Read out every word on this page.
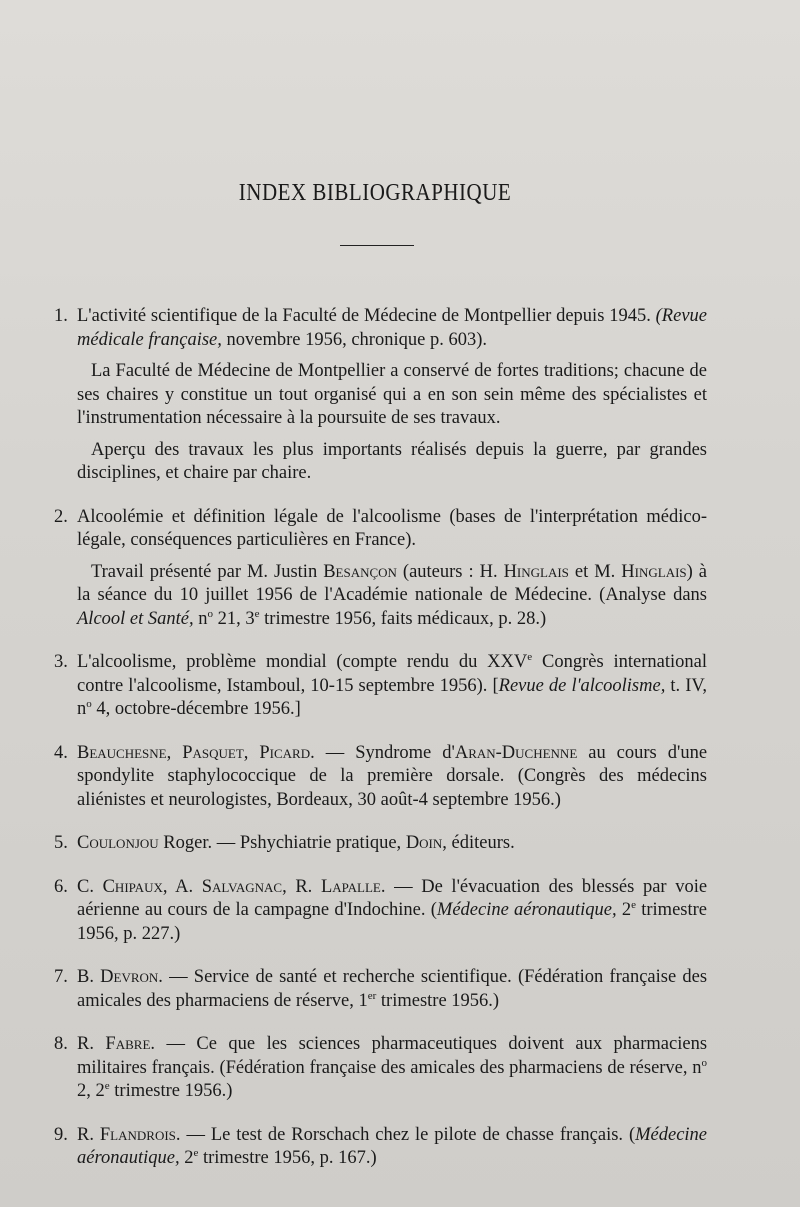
INDEX BIBLIOGRAPHIQUE
1. L'activité scientifique de la Faculté de Médecine de Montpellier depuis 1945. (Revue médicale française, novembre 1956, chronique p. 603).

La Faculté de Médecine de Montpellier a conservé de fortes traditions; chacune de ses chaires y constitue un tout organisé qui a en son sein même des spécialistes et l'instrumentation nécessaire à la poursuite de ses travaux.

Aperçu des travaux les plus importants réalisés depuis la guerre, par grandes disciplines, et chaire par chaire.

2. Alcoolémie et définition légale de l'alcoolisme (bases de l'interprétation médico-légale, conséquences particulières en France).

Travail présenté par M. Justin Besançon (auteurs : H. Hinglais et M. Hinglais) à la séance du 10 juillet 1956 de l'Académie nationale de Médecine. (Analyse dans Alcool et Santé, $n^o$ 21, 3e trimestre 1956, faits médicaux, p. 28.)

3. L'alcoolisme, problème mondial (compte rendu du XXVe Congrès international contre l'alcoolisme, Istamboul, 10-15 septembre 1956). [Revue de l'alcoolisme, t. IV, $n^o$ 4, octobre-décembre 1956.]

4. Beauchesne, Pasquet, Picard. — Syndrome d'Aran-Duchenne au cours d'une spondylite staphylococcique de la première dorsale. (Congrès des médecins aliénistes et neurologistes, Bordeaux, 30 août-4 septembre 1956.)

5. Coulonjou Roger. — Pshychiatrie pratique, Doin, éditeurs.

6. C. Chipaux, A. Salvagnac, R. Lapalle. — De l'évacuation des blessés par voie aérienne au cours de la campagne d'Indochine. (Médecine aéronautique, 2e trimestre 1956, p. 227.)

7. B. Devron. — Service de santé et recherche scientifique. (Fédération française des amicales des pharmaciens de réserve, 1er trimestre 1956.)

8. R. Fabre. — Ce que les sciences pharmaceutiques doivent aux pharmaciens militaires français. (Fédération française des amicales des pharmaciens de réserve, $n^o$ 2, 2e trimestre 1956.)

9. R. Flandrois. — Le test de Rorschach chez le pilote de chasse français. (Médecine aéronautique, 2e trimestre 1956, p. 167.)
